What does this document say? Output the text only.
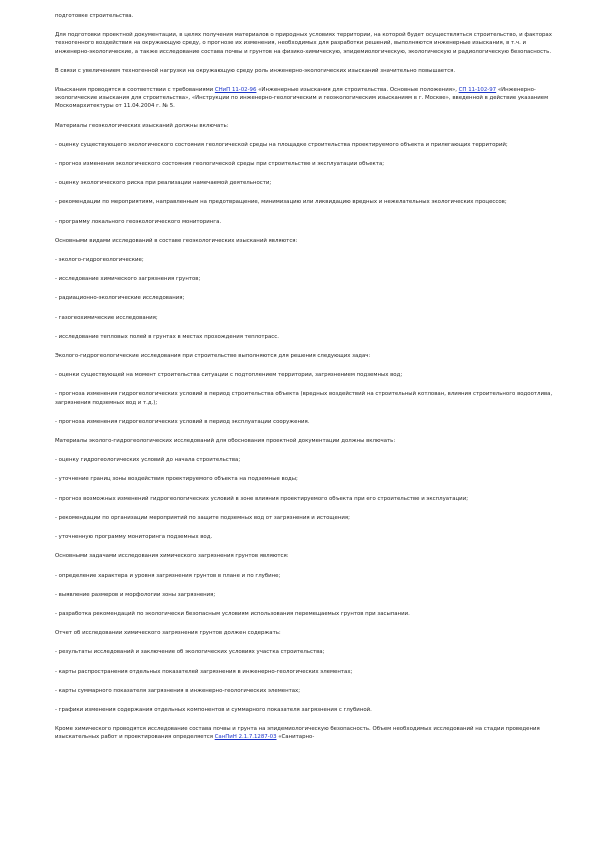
подготовке строительства.

Для подготовки проектной документации, в целях получения материалов о природных условиях территории, на которой будет осуществляться строительство, и факторах техногенного воздействия на окружающую среду, о прогнозе их изменения, необходимых для разработки решений, выполняются инженерные изыскания, в т.ч. и инженерно-экологические, а также исследование состава почвы и грунтов на физико-химическую, эпидемиологическую, экологическую и радиологическую безопасность.

В связи с увеличением техногенной нагрузки на окружающую среду роль инженерно-экологических изысканий значительно повышается.

Изыскания проводятся в соответствии с требованиями СНиП 11-02-96 «Инженерные изыскания для строительства. Основные положения», СП 11-102-97 «Инженерно-экологические изыскания для строительства», «Инструкции по инженерно-геологическим и геоэкологическим изысканиям в г. Москве», введенной в действие указанием Москомархитектуры от 11.04.2004 г. № 5.

Материалы геоэкологических изысканий должны включать:

- оценку существующего экологического состояния геологической среды на площадке строительства проектируемого объекта и прилегающих территорий;

- прогноз изменения экологического состояния геологической среды при строительстве и эксплуатации объекта;

- оценку экологического риска при реализации намечаемой деятельности;

- рекомендации по мероприятиям, направленным на предотвращение, минимизацию или ликвидацию вредных и нежелательных экологических процессов;

- программу локального геоэкологического мониторинга.

Основными видами исследований в составе геоэкологических изысканий являются:

- эколого-гидрогеологические;

- исследование химического загрязнения грунтов;

- радиационно-экологические исследования;

- газогеохимические исследования;

- исследование тепловых полей в грунтах в местах прохождения теплотрасс.

Эколого-гидрогеологические исследования при строительстве выполняются для решения следующих задач:

- оценки существующей на момент строительства ситуации с подтоплением территории, загрязнением подземных вод;

- прогноза изменения гидрогеологических условий в период строительства объекта (вредных воздействий на строительный котлован, влияния строительного водоотлива, загрязнения подземных вод и т.д.);

- прогноза изменения гидрогеологических условий в период эксплуатации сооружения.

Материалы эколого-гидрогеологических исследований для обоснования проектной документации должны включать:

- оценку гидрогеологических условий до начала строительства;

- уточнение границ зоны воздействия проектируемого объекта на подземные воды;

- прогноз возможных изменений гидрогеологических условий в зоне влияния проектируемого объекта при его строительстве и эксплуатации;

- рекомендации по организации мероприятий по защите подземных вод от загрязнения и истощения;

- уточненную программу мониторинга подземных вод.

Основными задачами исследования химического загрязнения грунтов являются:

- определение характера и уровня загрязнения грунтов в плане и по глубине;

- выявление размеров и морфологии зоны загрязнения;

- разработка рекомендаций по экологически безопасным условиям использования перемещаемых грунтов при засыпании.

Отчет об исследовании химического загрязнения грунтов должен содержать:

- результаты исследований и заключение об экологических условиях участка строительства;

- карты распространения отдельных показателей загрязнения в инженерно-геологических элементах;

- карты суммарного показателя загрязнения в инженерно-геологических элементах;

- графики изменения содержания отдельных компонентов и суммарного показателя загрязнения с глубиной.

Кроме химического проводятся исследование состава почвы и грунта на эпидемиологическую безопасность. Объем необходимых исследований на стадии проведения изыскательных работ и проектирования определяется СанПиН 2.1.7.1287-03 «Санитарно-
